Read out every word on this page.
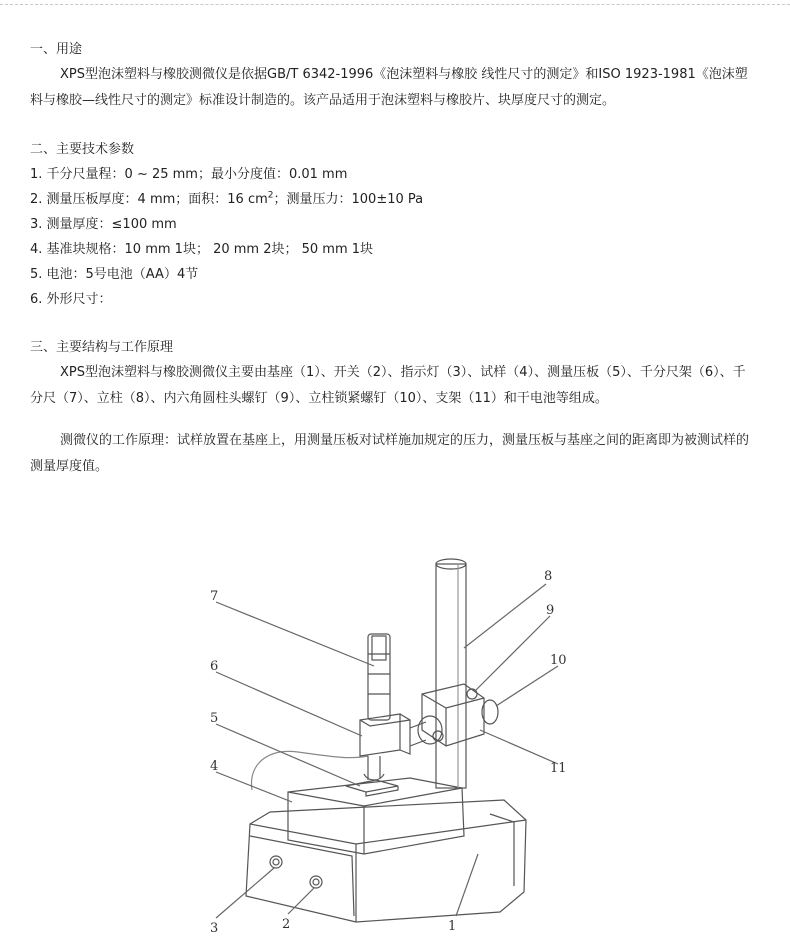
一、用途
XPS型泡沫塑料与橡胶测微仪是依据GB/T 6342-1996《泡沫塑料与橡胶 线性尺寸的测定》和ISO 1923-1981《泡沫塑料与橡胶—线性尺寸的测定》标准设计制造的。该产品适用于泡沫塑料与橡胶片、块厚度尺寸的测定。
二、主要技术参数
1. 千分尺量程：0 ~ 25 mm；最小分度值：0.01 mm
2. 测量压板厚度：4 mm；面积：16 $cm^2$；测量压力：100±10 Pa
3. 测量厚度：≤100 mm
4. 基准块规格：10 mm 1块； 20 mm 2块； 50 mm 1块
5. 电池：5号电池（AA）4节
6. 外形尺寸：
三、主要结构与工作原理
XPS型泡沫塑料与橡胶测微仪主要由基座（1）、开关（2）、指示灯（3）、试样（4）、测量压板（5）、千分尺架（6）、千分尺（7）、立柱（8）、内六角圆柱头螺钉（9）、立柱锁紧螺钉（10）、支架（11）和干电池等组成。
测微仪的工作原理：试样放置在基座上，用测量压板对试样施加规定的压力，测量压板与基座之间的距离即为被测试样的测量厚度值。
7
6
5
4
3	2	1
8
9
10
11
